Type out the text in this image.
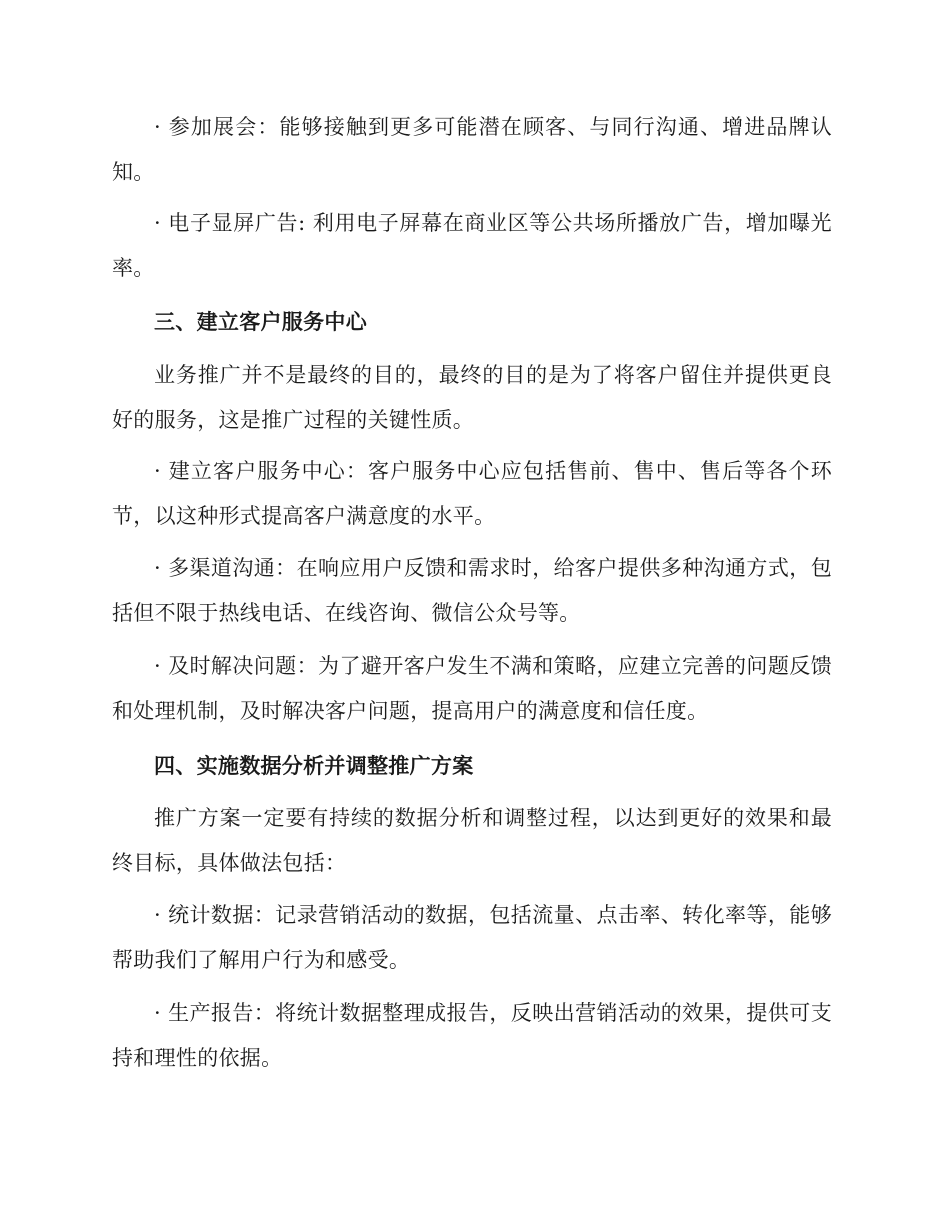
· 参加展会：能够接触到更多可能潜在顾客、与同行沟通、增进品牌认知。

· 电子显屏广告: 利用电子屏幕在商业区等公共场所播放广告，增加曝光率。

三、建立客户服务中心

业务推广并不是最终的目的，最终的目的是为了将客户留住并提供更良好的服务，这是推广过程的关键性质。

· 建立客户服务中心：客户服务中心应包括售前、售中、售后等各个环节，以这种形式提高客户满意度的水平。

· 多渠道沟通：在响应用户反馈和需求时，给客户提供多种沟通方式，包括但不限于热线电话、在线咨询、微信公众号等。

· 及时解决问题：为了避开客户发生不满和策略，应建立完善的问题反馈和处理机制，及时解决客户问题，提高用户的满意度和信任度。

四、实施数据分析并调整推广方案

推广方案一定要有持续的数据分析和调整过程，以达到更好的效果和最终目标，具体做法包括：

· 统计数据：记录营销活动的数据，包括流量、点击率、转化率等，能够帮助我们了解用户行为和感受。

· 生产报告：将统计数据整理成报告，反映出营销活动的效果，提供可支持和理性的依据。
